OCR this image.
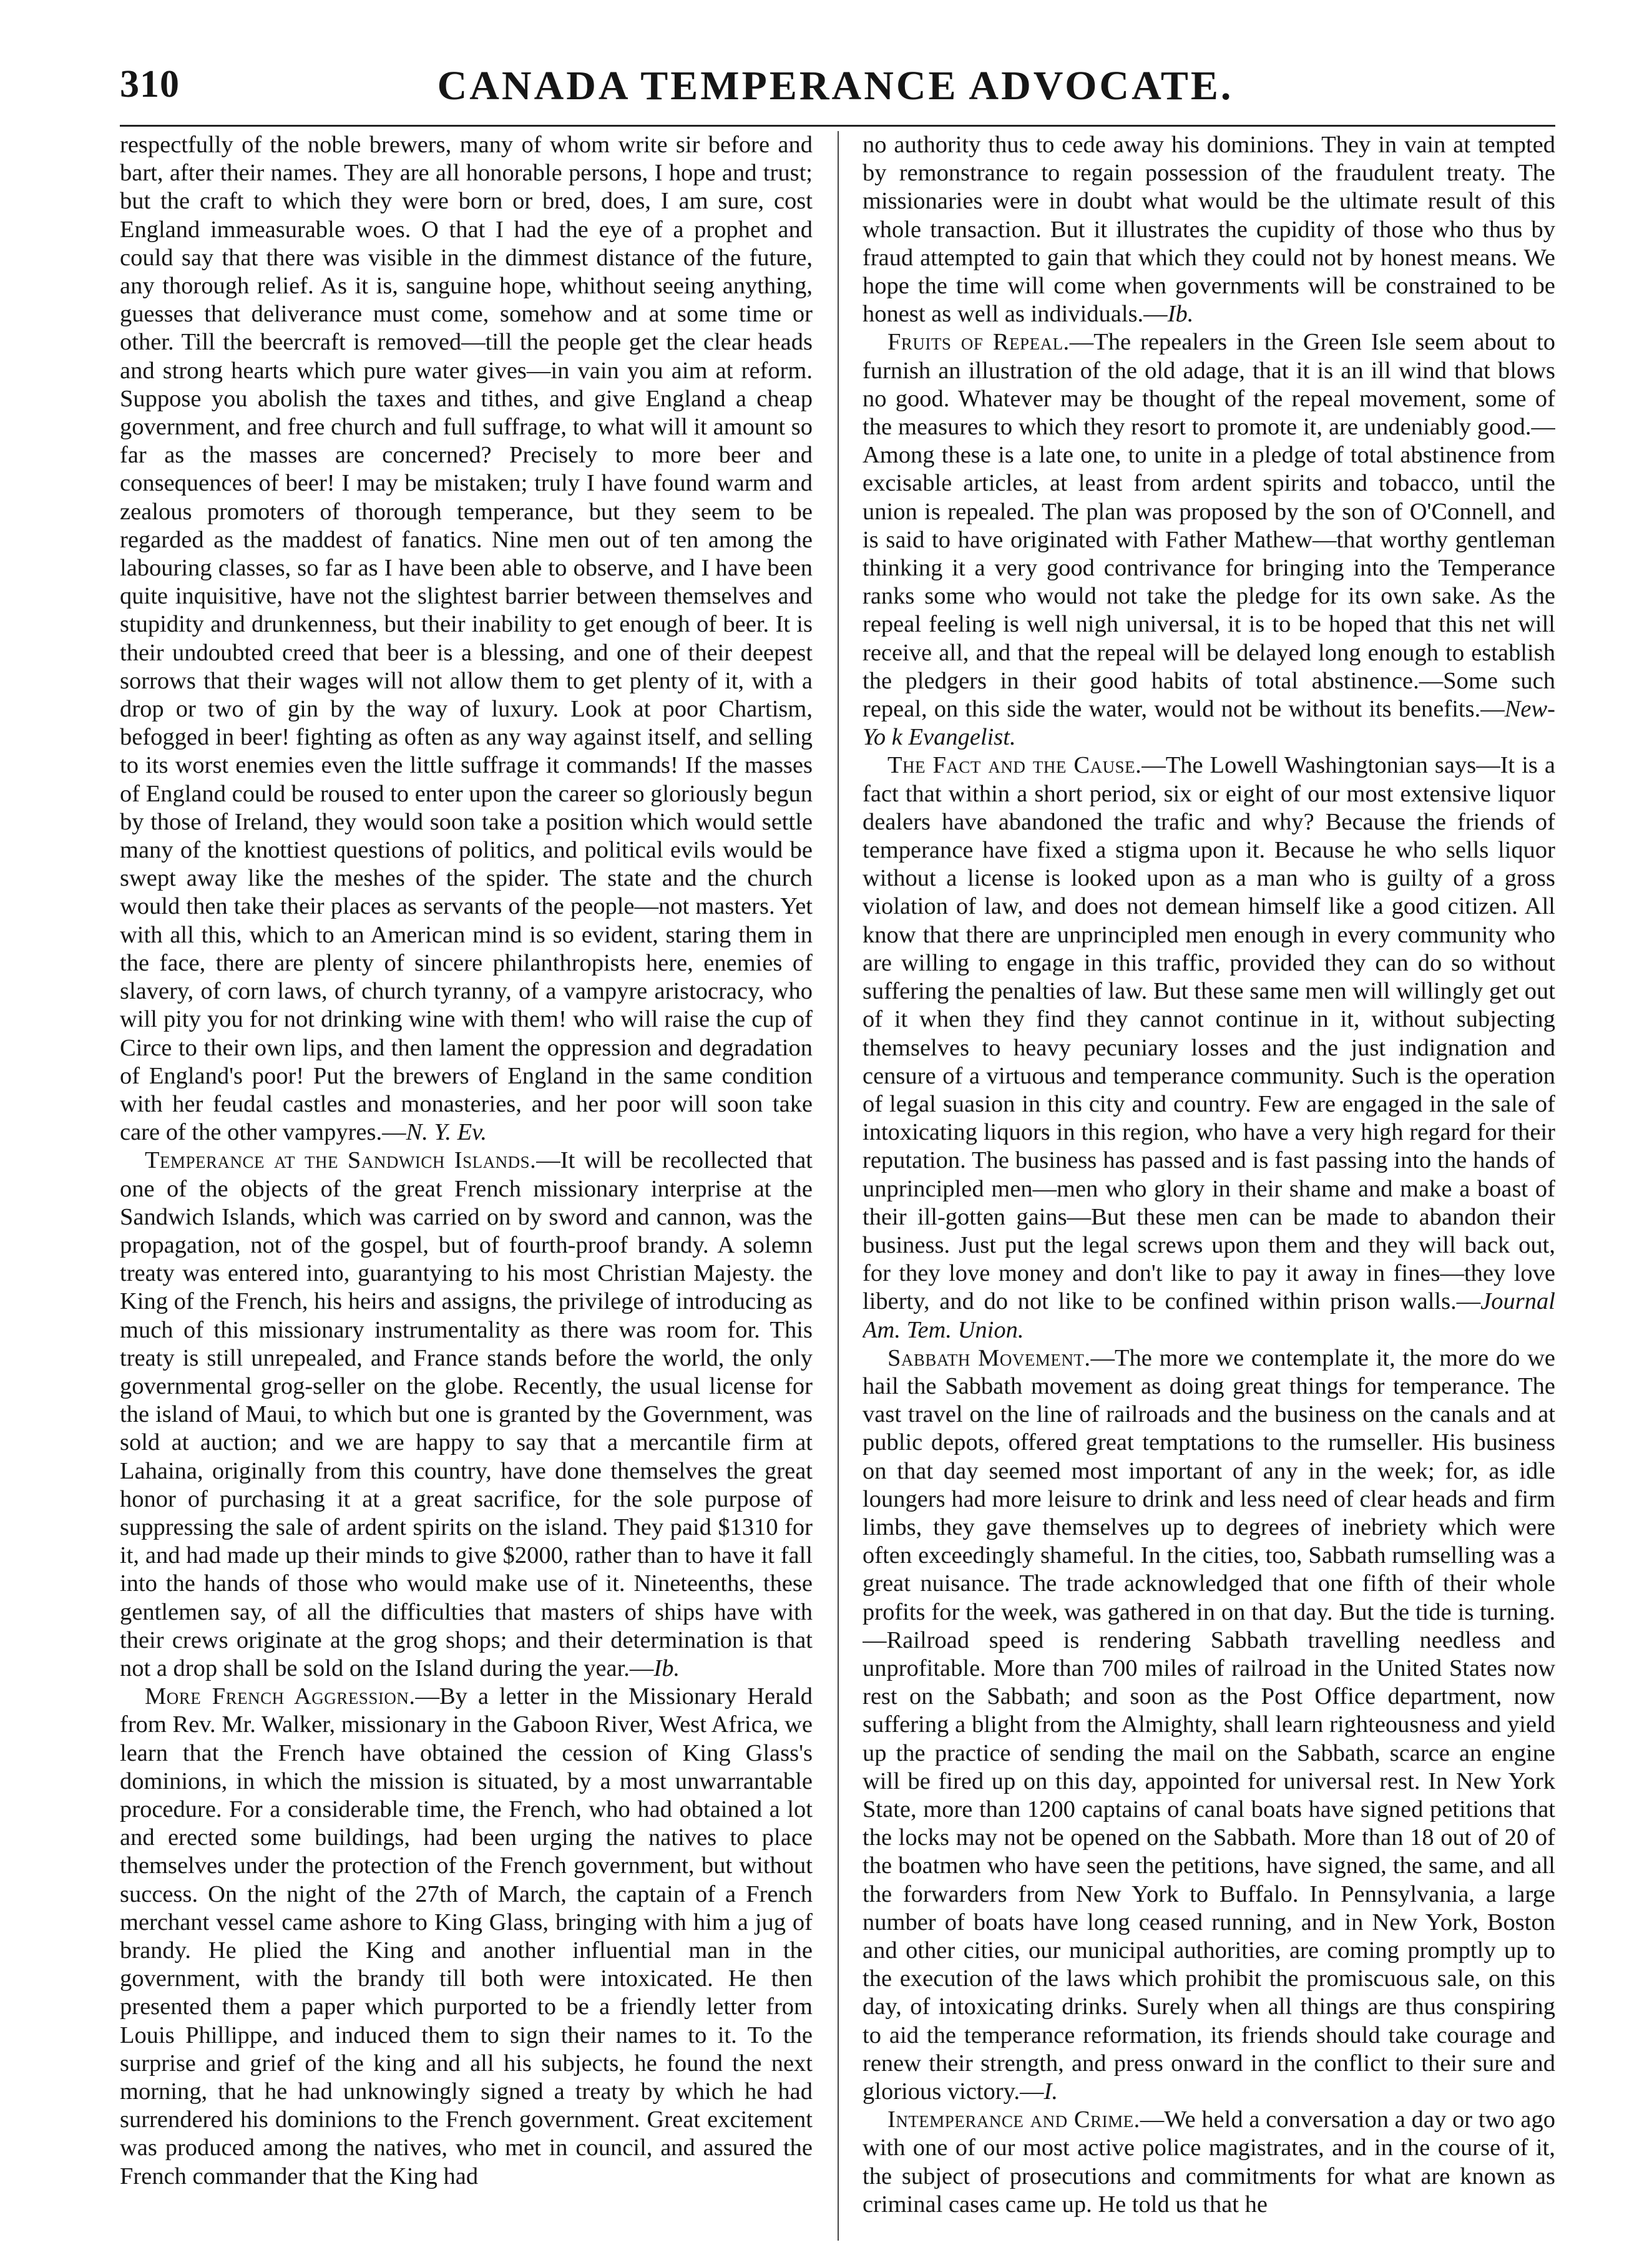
310	CANADA TEMPERANCE ADVOCATE.

respectfully of the noble brewers, many of whom write sir before and bart, after their names. They are all honorable persons, I hope and trust; but the craft to which they were born or bred, does, I am sure, cost England immeasurable woes. O that I had the eye of a prophet and could say that there was visible in the dimmest distance of the future, any thorough relief. As it is, sanguine hope, whithout seeing anything, guesses that deliverance must come, somehow and at some time or other. Till the beercraft is removed—till the people get the clear heads and strong hearts which pure water gives—in vain you aim at reform. Suppose you abolish the taxes and tithes, and give England a cheap government, and free church and full suffrage, to what will it amount so far as the masses are concerned? Precisely to more beer and consequences of beer! I may be mistaken; truly I have found warm and zealous promoters of thorough temperance, but they seem to be regarded as the maddest of fanatics. Nine men out of ten among the labouring classes, so far as I have been able to observe, and I have been quite inquisitive, have not the slightest barrier between themselves and stupidity and drunkenness, but their inability to get enough of beer. It is their undoubted creed that beer is a blessing, and one of their deepest sorrows that their wages will not allow them to get plenty of it, with a drop or two of gin by the way of luxury. Look at poor Chartism, befogged in beer! fighting as often as any way against itself, and selling to its worst enemies even the little suffrage it commands! If the masses of England could be roused to enter upon the career so gloriously begun by those of Ireland, they would soon take a position which would settle many of the knottiest questions of politics, and political evils would be swept away like the meshes of the spider. The state and the church would then take their places as servants of the people—not masters. Yet with all this, which to an American mind is so evident, staring them in the face, there are plenty of sincere philanthropists here, enemies of slavery, of corn laws, of church tyranny, of a vampyre aristocracy, who will pity you for not drinking wine with them! who will raise the cup of Circe to their own lips, and then lament the oppression and degradation of England's poor! Put the brewers of England in the same condition with her feudal castles and monasteries, and her poor will soon take care of the other vampyres.—N. Y. Ev.

Temperance at the Sandwich Islands.—It will be recollected that one of the objects of the great French missionary interprise at the Sandwich Islands, which was carried on by sword and cannon, was the propagation, not of the gospel, but of fourth-proof brandy. A solemn treaty was entered into, guarantying to his most Christian Majesty. the King of the French, his heirs and assigns, the privilege of introducing as much of this missionary instrumentality as there was room for. This treaty is still unrepealed, and France stands before the world, the only governmental grog-seller on the globe. Recently, the usual license for the island of Maui, to which but one is granted by the Government, was sold at auction; and we are happy to say that a mercantile firm at Lahaina, originally from this country, have done themselves the great honor of purchasing it at a great sacrifice, for the sole purpose of suppressing the sale of ardent spirits on the island. They paid $1310 for it, and had made up their minds to give $2000, rather than to have it fall into the hands of those who would make use of it. Nineteenths, these gentlemen say, of all the difficulties that masters of ships have with their crews originate at the grog shops; and their determination is that not a drop shall be sold on the Island during the year.—Ib.

More French Aggression.—By a letter in the Missionary Herald from Rev. Mr. Walker, missionary in the Gaboon River, West Africa, we learn that the French have obtained the cession of King Glass's dominions, in which the mission is situated, by a most unwarrantable procedure. For a considerable time, the French, who had obtained a lot and erected some buildings, had been urging the natives to place themselves under the protection of the French government, but without success. On the night of the 27th of March, the captain of a French merchant vessel came ashore to King Glass, bringing with him a jug of brandy. He plied the King and another influential man in the government, with the brandy till both were intoxicated. He then presented them a paper which purported to be a friendly letter from Louis Phillippe, and induced them to sign their names to it. To the surprise and grief of the king and all his subjects, he found the next morning, that he had unknowingly signed a treaty by which he had surrendered his dominions to the French government. Great excitement was produced among the natives, who met in council, and assured the French commander that the King had

no authority thus to cede away his dominions. They in vain at tempted by remonstrance to regain possession of the fraudulent treaty. The missionaries were in doubt what would be the ultimate result of this whole transaction. But it illustrates the cupidity of those who thus by fraud attempted to gain that which they could not by honest means. We hope the time will come when governments will be constrained to be honest as well as individuals.—Ib.

Fruits of Repeal.—The repealers in the Green Isle seem about to furnish an illustration of the old adage, that it is an ill wind that blows no good. Whatever may be thought of the repeal movement, some of the measures to which they resort to promote it, are undeniably good.—Among these is a late one, to unite in a pledge of total abstinence from excisable articles, at least from ardent spirits and tobacco, until the union is repealed. The plan was proposed by the son of O'Connell, and is said to have originated with Father Mathew—that worthy gentleman thinking it a very good contrivance for bringing into the Temperance ranks some who would not take the pledge for its own sake. As the repeal feeling is well nigh universal, it is to be hoped that this net will receive all, and that the repeal will be delayed long enough to establish the pledgers in their good habits of total abstinence.—Some such repeal, on this side the water, would not be without its benefits.—New-Yo k Evangelist.

The Fact and the Cause.—The Lowell Washingtonian says—It is a fact that within a short period, six or eight of our most extensive liquor dealers have abandoned the trafic and why? Because the friends of temperance have fixed a stigma upon it. Because he who sells liquor without a license is looked upon as a man who is guilty of a gross violation of law, and does not demean himself like a good citizen. All know that there are unprincipled men enough in every community who are willing to engage in this traffic, provided they can do so without suffering the penalties of law. But these same men will willingly get out of it when they find they cannot continue in it, without subjecting themselves to heavy pecuniary losses and the just indignation and censure of a virtuous and temperance community. Such is the operation of legal suasion in this city and country. Few are engaged in the sale of intoxicating liquors in this region, who have a very high regard for their reputation. The business has passed and is fast passing into the hands of unprincipled men—men who glory in their shame and make a boast of their ill-gotten gains—But these men can be made to abandon their business. Just put the legal screws upon them and they will back out, for they love money and don't like to pay it away in fines—they love liberty, and do not like to be confined within prison walls.—Journal Am. Tem. Union.

Sabbath Movement.—The more we contemplate it, the more do we hail the Sabbath movement as doing great things for temperance. The vast travel on the line of railroads and the business on the canals and at public depots, offered great temptations to the rumseller. His business on that day seemed most important of any in the week; for, as idle loungers had more leisure to drink and less need of clear heads and firm limbs, they gave themselves up to degrees of inebriety which were often exceedingly shameful. In the cities, too, Sabbath rumselling was a great nuisance. The trade acknowledged that one fifth of their whole profits for the week, was gathered in on that day. But the tide is turning.—Railroad speed is rendering Sabbath travelling needless and unprofitable. More than 700 miles of railroad in the United States now rest on the Sabbath; and soon as the Post Office department, now suffering a blight from the Almighty, shall learn righteousness and yield up the practice of sending the mail on the Sabbath, scarce an engine will be fired up on this day, appointed for universal rest. In New York State, more than 1200 captains of canal boats have signed petitions that the locks may not be opened on the Sabbath. More than 18 out of 20 of the boatmen who have seen the petitions, have signed, the same, and all the forwarders from New York to Buffalo. In Pennsylvania, a large number of boats have long ceased running, and in New York, Boston and other cities, our municipal authorities, are coming promptly up to the execution of the laws which prohibit the promiscuous sale, on this day, of intoxicating drinks. Surely when all things are thus conspiring to aid the temperance reformation, its friends should take courage and renew their strength, and press onward in the conflict to their sure and glorious victory.—I.

Intemperance and Crime.—We held a conversation a day or two ago with one of our most active police magistrates, and in the course of it, the subject of prosecutions and commitments for what are known as criminal cases came up. He told us that he
